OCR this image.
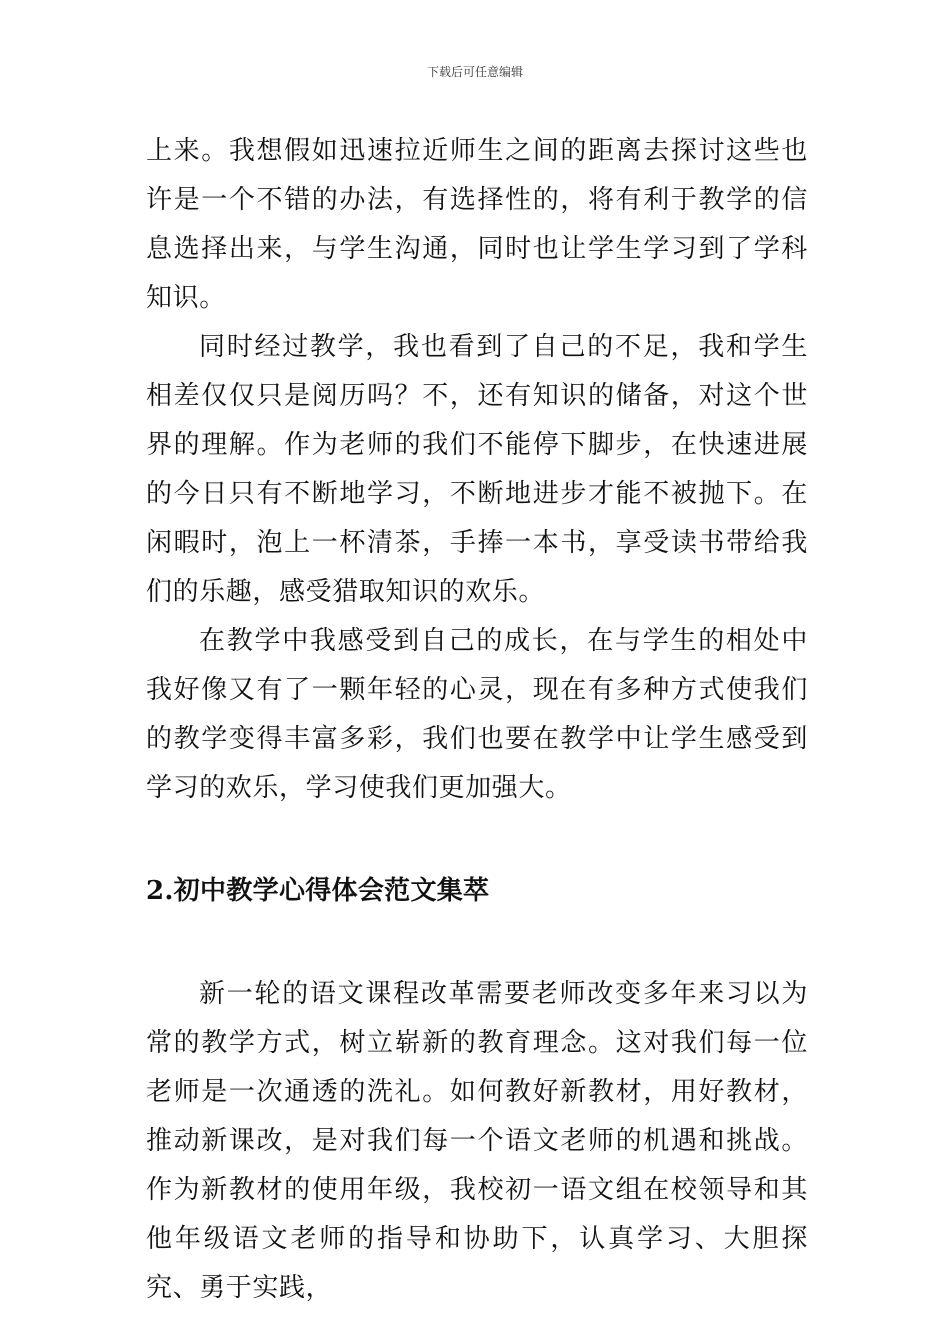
下载后可任意编辑

上来。我想假如迅速拉近师生之间的距离去探讨这些也许是一个不错的办法，有选择性的，将有利于教学的信息选择出来，与学生沟通，同时也让学生学习到了学科知识。

同时经过教学，我也看到了自己的不足，我和学生相差仅仅只是阅历吗？不，还有知识的储备，对这个世界的理解。作为老师的我们不能停下脚步，在快速进展的今日只有不断地学习，不断地进步才能不被抛下。在闲暇时，泡上一杯清茶，手捧一本书，享受读书带给我们的乐趣，感受猎取知识的欢乐。

在教学中我感受到自己的成长，在与学生的相处中我好像又有了一颗年轻的心灵，现在有多种方式使我们的教学变得丰富多彩，我们也要在教学中让学生感受到学习的欢乐，学习使我们更加强大。

2.初中教学心得体会范文集萃

新一轮的语文课程改革需要老师改变多年来习以为常的教学方式，树立崭新的教育理念。这对我们每一位老师是一次通透的洗礼。如何教好新教材，用好教材，推动新课改，是对我们每一个语文老师的机遇和挑战。作为新教材的使用年级，我校初一语文组在校领导和其他年级语文老师的指导和协助下，认真学习、大胆探究、勇于实践，
